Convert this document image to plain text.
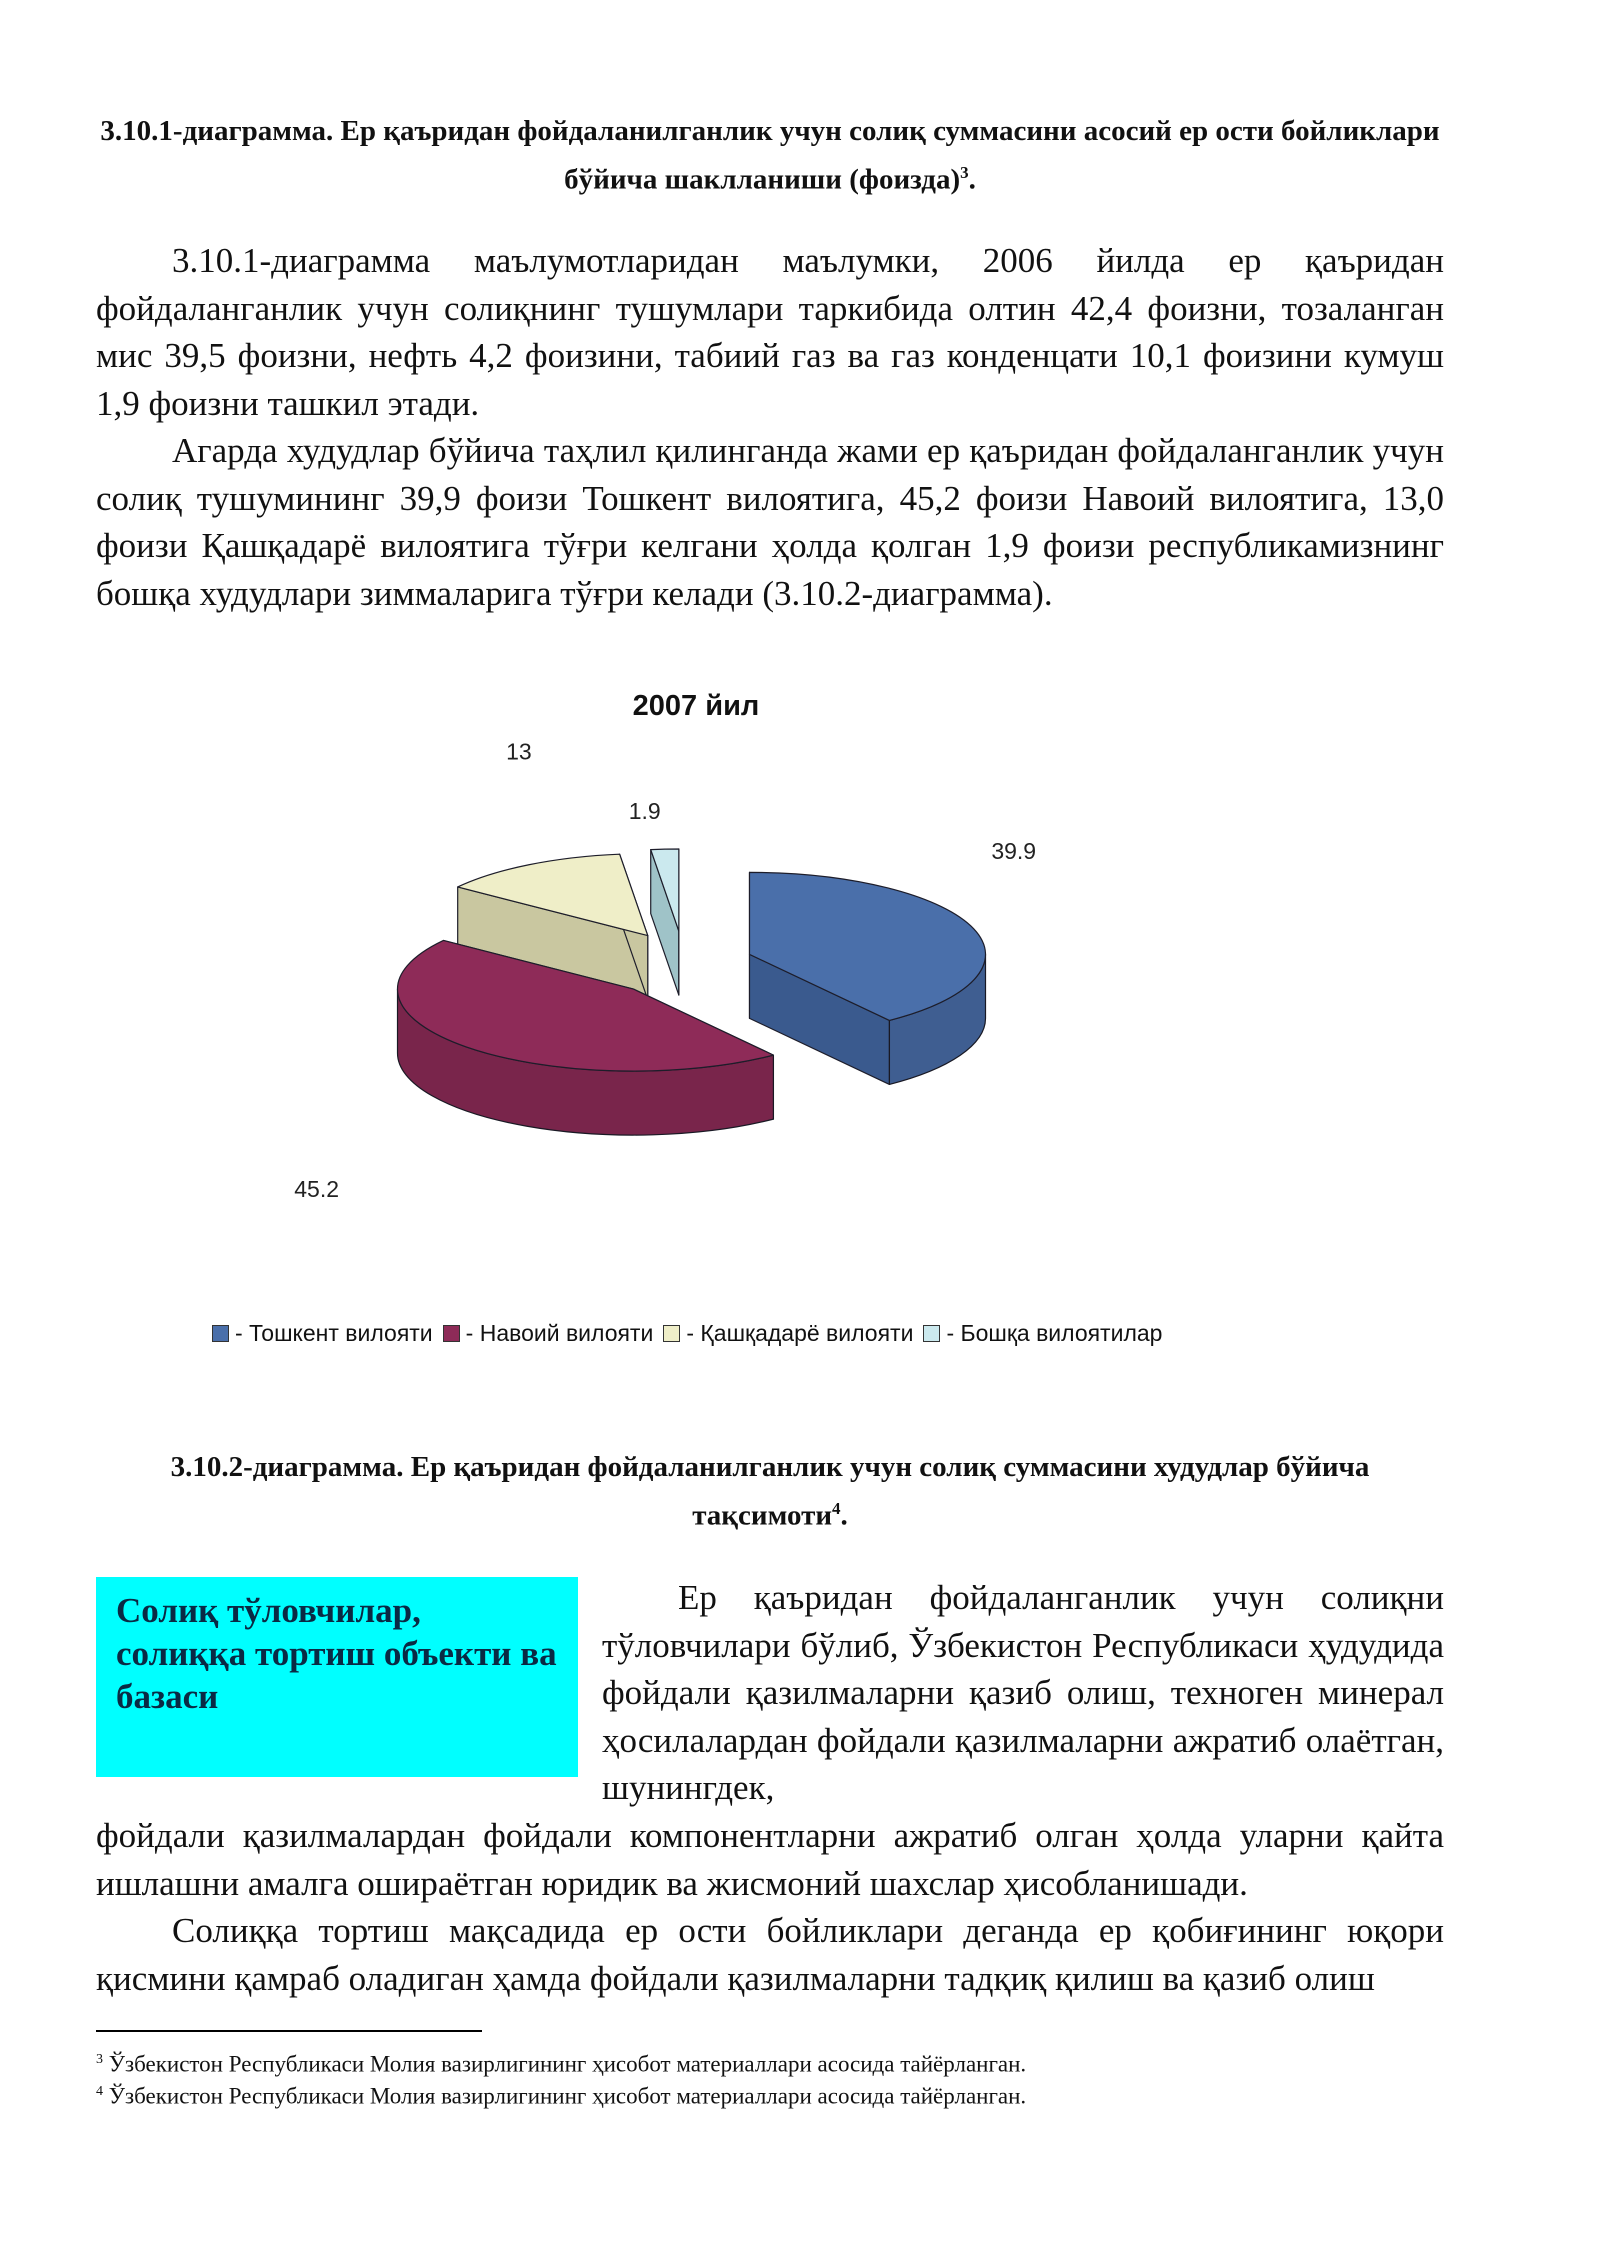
3.10.1-диаграмма. Ер қаъридан фойдаланилганлик учун солиқ суммасини асосий ер ости бойликлари бўйича шаклланиши (фоизда)$^3$.

3.10.1-диаграмма маълумотларидан маълумки, 2006 йилда ер қаъридан фойдаланганлик учун солиқнинг тушумлари таркибида олтин 42,4 фоизни, тозаланган мис 39,5 фоизни, нефть 4,2 фоизини, табиий газ ва газ конденцати 10,1 фоизини кумуш 1,9 фоизни ташкил этади.

Агарда худудлар бўйича таҳлил қилинганда жами ер қаъридан фойдаланганлик учун солиқ тушумининг 39,9 фоизи Тошкент вилоятига, 45,2 фоизи Навоий вилоятига, 13,0 фоизи Қашқадарё вилоятига тўғри келгани ҳолда қолган 1,9 фоизи республикамизнинг бошқа худудлари зиммаларига тўғри келади (3.10.2-диаграмма).

2007 йил
39.9
45.2
13
1.9
- Тошкент вилояти - Навоий вилояти - Қашқадарё вилояти - Бошқа вилоятилар
3.10.2-диаграмма. Ер қаъридан фойдаланилганлик учун солиқ суммасини худудлар бўйича тақсимоти$^4$.
Солиқ тўловчилар, солиққа тортиш объекти ва базаси

Ер қаъридан фойдаланганлик учун солиқни тўловчилари бўлиб, Ўзбекистон Республикаси ҳудудида фойдали қазилмаларни қазиб олиш, техноген минерал ҳосилалардан фойдали қазилмаларни ажратиб олаётган, шунингдек,

фойдали қазилмалардан фойдали компонентларни ажратиб олган ҳолда уларни қайта ишлашни амалга ошираётган юридик ва жисмоний шахслар ҳисобланишади.

Солиққа тортиш мақсадида ер ости бойликлари деганда ер қобиғининг юқори қисмини қамраб оладиган ҳамда фойдали қазилмаларни тадқиқ қилиш ва қазиб олиш

$^3$ Ўзбекистон Республикаси Молия вазирлигининг ҳисобот материаллари асосида тайёрланган.
$^4$ Ўзбекистон Республикаси Молия вазирлигининг ҳисобот материаллари асосида тайёрланган.
